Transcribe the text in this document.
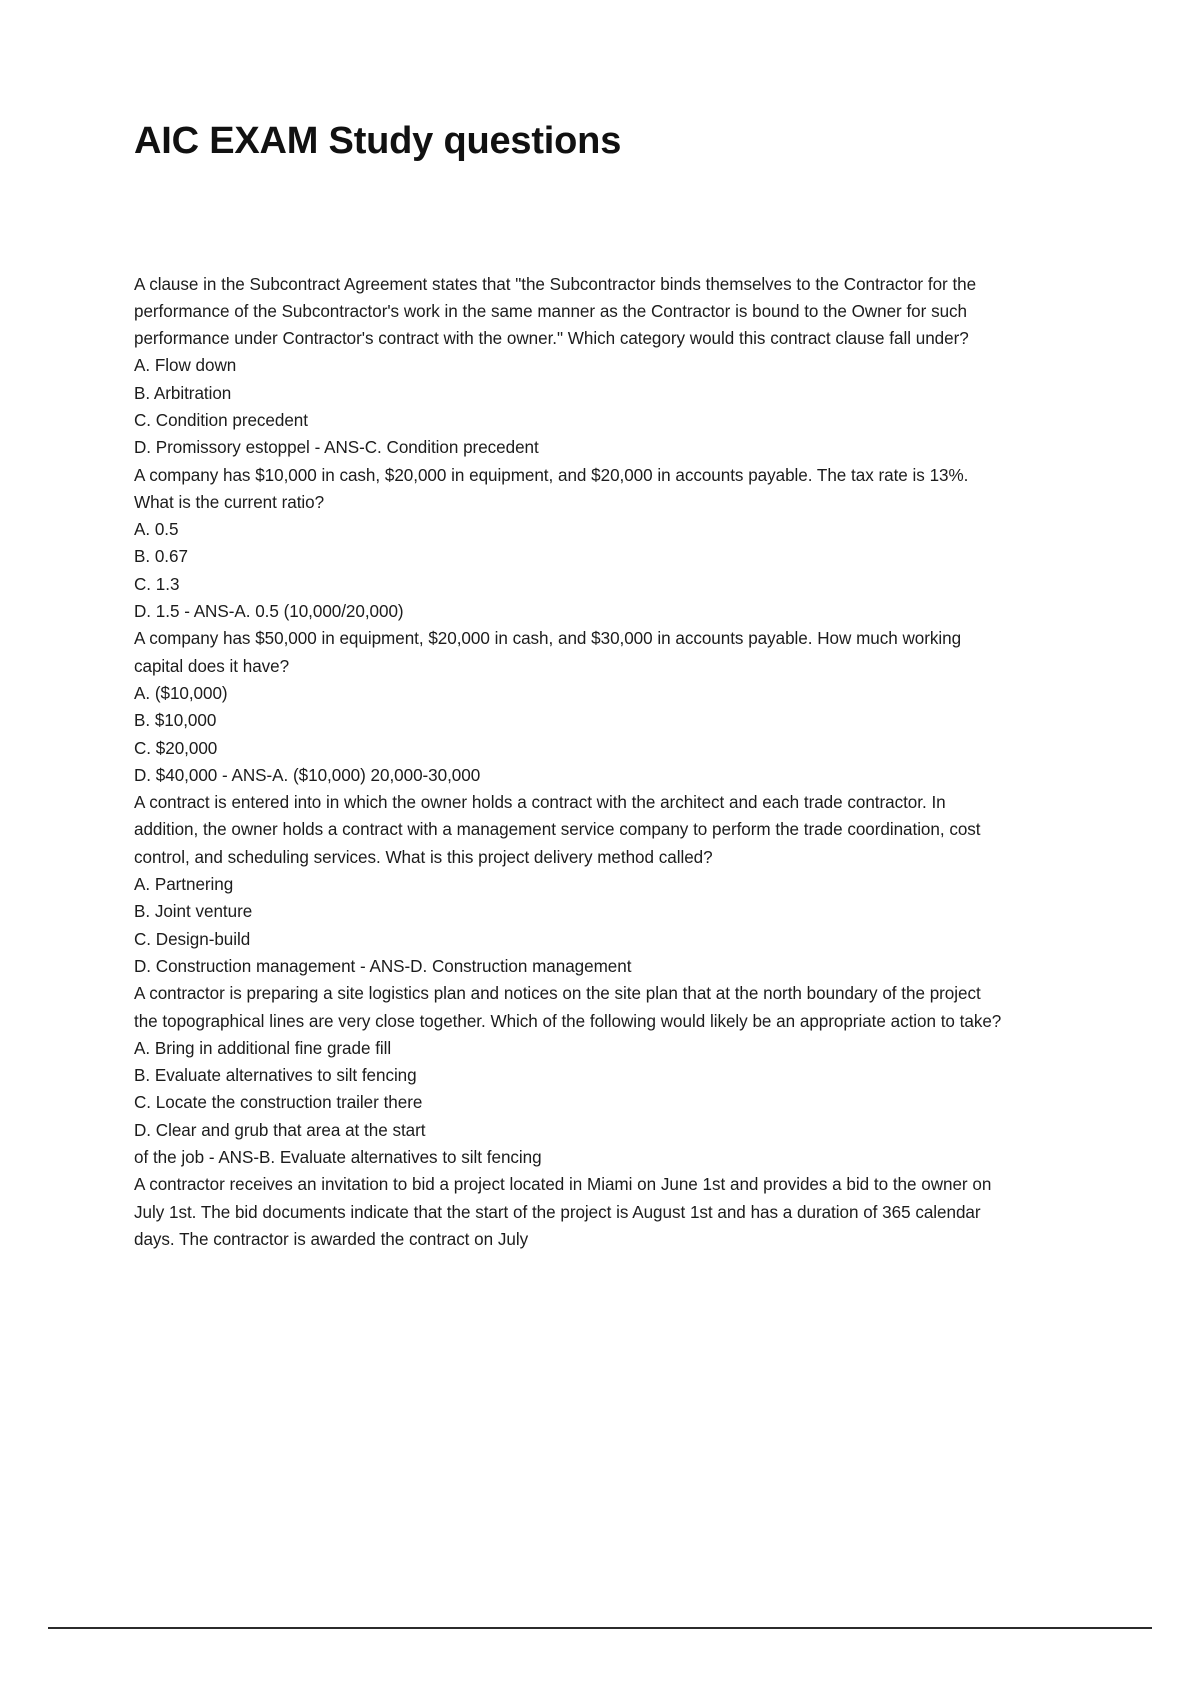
AIC EXAM Study questions

A clause in the Subcontract Agreement states that "the Subcontractor binds themselves to the Contractor for the performance of the Subcontractor's work in the same manner as the Contractor is bound to the Owner for such performance under Contractor's contract with the owner." Which category would this contract clause fall under?

A. Flow down

B. Arbitration

C. Condition precedent

D. Promissory estoppel - ANS-C. Condition precedent

A company has $10,000 in cash, $20,000 in equipment, and $20,000 in accounts payable. The tax rate is 13%. What is the current ratio?

A. 0.5

B. 0.67

C. 1.3

D. 1.5 - ANS-A. 0.5 (10,000/20,000)

A company has $50,000 in equipment, $20,000 in cash, and $30,000 in accounts payable. How much working capital does it have?

A. ($10,000)

B. $10,000

C. $20,000

D. $40,000 - ANS-A. ($10,000) 20,000-30,000

A contract is entered into in which the owner holds a contract with the architect and each trade contractor. In addition, the owner holds a contract with a management service company to perform the trade coordination, cost control, and scheduling services. What is this project delivery method called?

A. Partnering

B. Joint venture

C. Design-build

D. Construction management - ANS-D. Construction management

A contractor is preparing a site logistics plan and notices on the site plan that at the north boundary of the project the topographical lines are very close together. Which of the following would likely be an appropriate action to take?

A. Bring in additional fine grade fill

B. Evaluate alternatives to silt fencing

C. Locate the construction trailer there

D. Clear and grub that area at the start

of the job - ANS-B. Evaluate alternatives to silt fencing

A contractor receives an invitation to bid a project located in Miami on June 1st and provides a bid to the owner on July 1st. The bid documents indicate that the start of the project is August 1st and has a duration of 365 calendar days. The contractor is awarded the contract on July
